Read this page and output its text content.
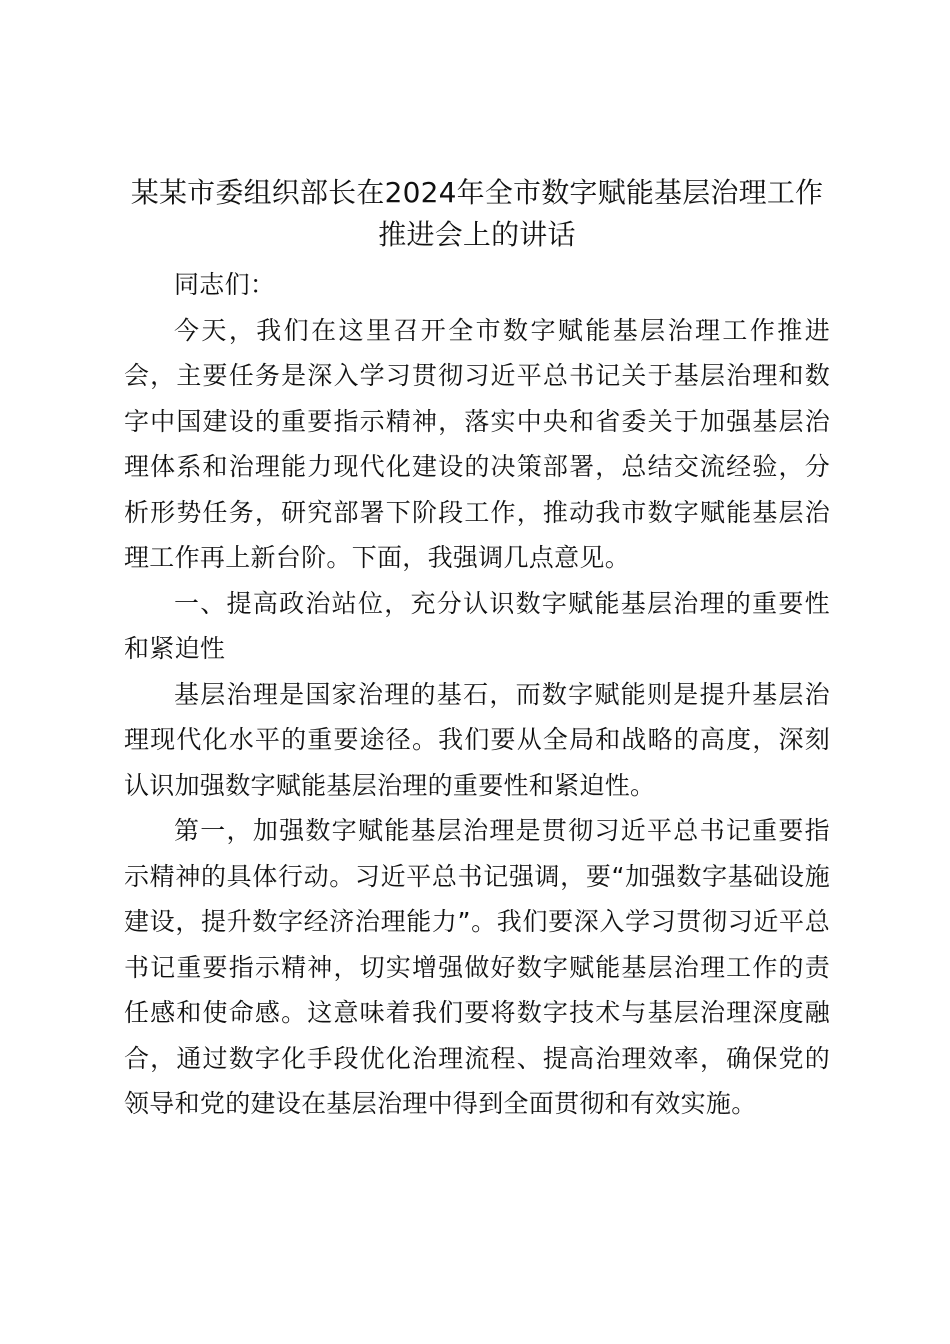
某某市委组织部长在2024年全市数字赋能基层治理工作推进会上的讲话

同志们：

今天，我们在这里召开全市数字赋能基层治理工作推进会，主要任务是深入学习贯彻习近平总书记关于基层治理和数字中国建设的重要指示精神，落实中央和省委关于加强基层治理体系和治理能力现代化建设的决策部署，总结交流经验，分析形势任务，研究部署下阶段工作，推动我市数字赋能基层治理工作再上新台阶。下面，我强调几点意见。

一、提高政治站位，充分认识数字赋能基层治理的重要性和紧迫性

基层治理是国家治理的基石，而数字赋能则是提升基层治理现代化水平的重要途径。我们要从全局和战略的高度，深刻认识加强数字赋能基层治理的重要性和紧迫性。

第一，加强数字赋能基层治理是贯彻习近平总书记重要指示精神的具体行动。习近平总书记强调，要“加强数字基础设施建设，提升数字经济治理能力”。我们要深入学习贯彻习近平总书记重要指示精神，切实增强做好数字赋能基层治理工作的责任感和使命感。这意味着我们要将数字技术与基层治理深度融合，通过数字化手段优化治理流程、提高治理效率，确保党的领导和党的建设在基层治理中得到全面贯彻和有效实施。
